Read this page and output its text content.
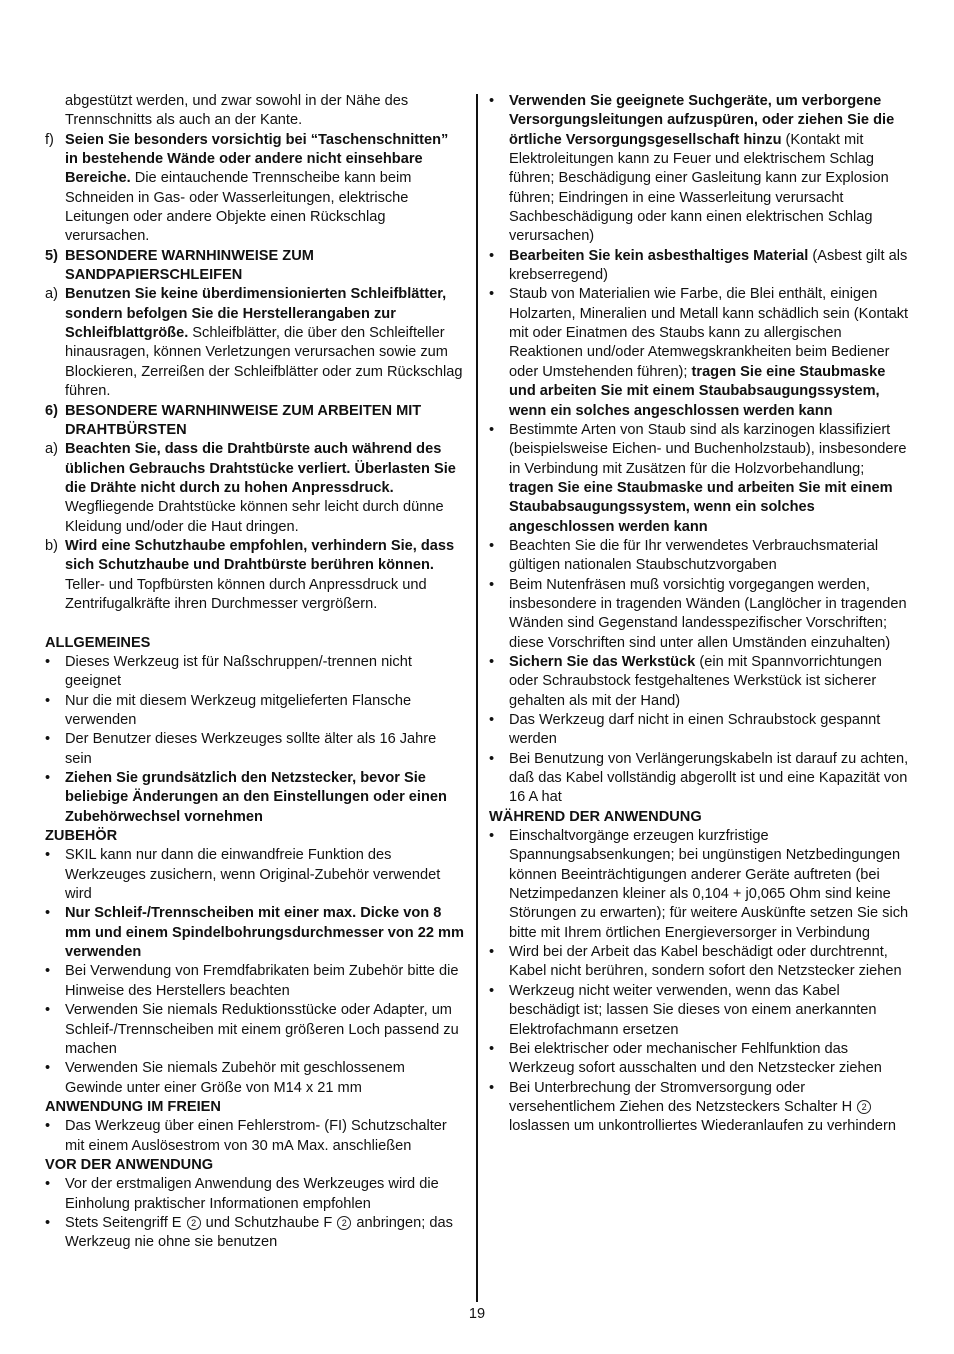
abgestützt werden, und zwar sowohl in der Nähe des Trennschnitts als auch an der Kante.

f) Seien Sie besonders vorsichtig bei “Taschenschnitten” in bestehende Wände oder andere nicht einsehbare Bereiche. Die eintauchende Trennscheibe kann beim Schneiden in Gas- oder Wasserleitungen, elektrische Leitungen oder andere Objekte einen Rückschlag verursachen.

5) BESONDERE WARNHINWEISE ZUM SANDPAPIERSCHLEIFEN

a) Benutzen Sie keine überdimensionierten Schleifblätter, sondern befolgen Sie die Herstellerangaben zur Schleifblattgröße. Schleifblätter, die über den Schleifteller hinausragen, können Verletzungen verursachen sowie zum Blockieren, Zerreißen der Schleifblätter oder zum Rückschlag führen.

6) BESONDERE WARNHINWEISE ZUM ARBEITEN MIT DRAHTBÜRSTEN

a) Beachten Sie, dass die Drahtbürste auch während des üblichen Gebrauchs Drahtstücke verliert. Überlasten Sie die Drähte nicht durch zu hohen Anpressdruck. Wegfliegende Drahtstücke können sehr leicht durch dünne Kleidung und/oder die Haut dringen.

b) Wird eine Schutzhaube empfohlen, verhindern Sie, dass sich Schutzhaube und Drahtbürste berühren können. Teller- und Topfbürsten können durch Anpressdruck und Zentrifugalkräfte ihren Durchmesser vergrößern.

ALLGEMEINES

• Dieses Werkzeug ist für Naßschruppen/-trennen nicht geeignet

• Nur die mit diesem Werkzeug mitgelieferten Flansche verwenden

• Der Benutzer dieses Werkzeuges sollte älter als 16 Jahre sein

• Ziehen Sie grundsätzlich den Netzstecker, bevor Sie beliebige Änderungen an den Einstellungen oder einen Zubehörwechsel vornehmen

ZUBEHÖR

• SKIL kann nur dann die einwandfreie Funktion des Werkzeuges zusichern, wenn Original-Zubehör verwendet wird

• Nur Schleif-/Trennscheiben mit einer max. Dicke von 8 mm und einem Spindelbohrungsdurchmesser von 22 mm verwenden

• Bei Verwendung von Fremdfabrikaten beim Zubehör bitte die Hinweise des Herstellers beachten

• Verwenden Sie niemals Reduktionsstücke oder Adapter, um Schleif-/Trennscheiben mit einem größeren Loch passend zu machen

• Verwenden Sie niemals Zubehör mit geschlossenem Gewinde unter einer Größe von M14 x 21 mm

ANWENDUNG IM FREIEN

• Das Werkzeug über einen Fehlerstrom- (FI) Schutzschalter mit einem Auslösestrom von 30 mA Max. anschließen

VOR DER ANWENDUNG

• Vor der erstmaligen Anwendung des Werkzeuges wird die Einholung praktischer Informationen empfohlen

• Stets Seitengriff E 2 und Schutzhaube F 2 anbringen; das Werkzeug nie ohne sie benutzen

• Verwenden Sie geeignete Suchgeräte, um verborgene Versorgungsleitungen aufzuspüren, oder ziehen Sie die örtliche Versorgungsgesellschaft hinzu (Kontakt mit Elektroleitungen kann zu Feuer und elektrischem Schlag führen; Beschädigung einer Gasleitung kann zur Explosion führen; Eindringen in eine Wasserleitung verursacht Sachbeschädigung oder kann einen elektrischen Schlag verursachen)

• Bearbeiten Sie kein asbesthaltiges Material (Asbest gilt als krebserregend)

• Staub von Materialien wie Farbe, die Blei enthält, einigen Holzarten, Mineralien und Metall kann schädlich sein (Kontakt mit oder Einatmen des Staubs kann zu allergischen Reaktionen und/oder Atemwegskrankheiten beim Bediener oder Umstehenden führen); tragen Sie eine Staubmaske und arbeiten Sie mit einem Staubabsaugungssystem, wenn ein solches angeschlossen werden kann

• Bestimmte Arten von Staub sind als karzinogen klassifiziert (beispielsweise Eichen- und Buchenholzstaub), insbesondere in Verbindung mit Zusätzen für die Holzvorbehandlung; tragen Sie eine Staubmaske und arbeiten Sie mit einem Staubabsaugungssystem, wenn ein solches angeschlossen werden kann

• Beachten Sie die für Ihr verwendetes Verbrauchsmaterial gültigen nationalen Staubschutzvorgaben

• Beim Nutenfräsen muß vorsichtig vorgegangen werden, insbesondere in tragenden Wänden (Langlöcher in tragenden Wänden sind Gegenstand landesspezifischer Vorschriften; diese Vorschriften sind unter allen Umständen einzuhalten)

• Sichern Sie das Werkstück (ein mit Spannvorrichtungen oder Schraubstock festgehaltenes Werkstück ist sicherer gehalten als mit der Hand)

• Das Werkzeug darf nicht in einen Schraubstock gespannt werden

• Bei Benutzung von Verlängerungskabeln ist darauf zu achten, daß das Kabel vollständig abgerollt ist und eine Kapazität von 16 A hat

WÄHREND DER ANWENDUNG

• Einschaltvorgänge erzeugen kurzfristige Spannungsabsenkungen; bei ungünstigen Netzbedingungen können Beeinträchtigungen anderer Geräte auftreten (bei Netzimpedanzen kleiner als 0,104 + j0,065 Ohm sind keine Störungen zu erwarten); für weitere Auskünfte setzen Sie sich bitte mit Ihrem örtlichen Energieversorger in Verbindung

• Wird bei der Arbeit das Kabel beschädigt oder durchtrennt, Kabel nicht berühren, sondern sofort den Netzstecker ziehen

• Werkzeug nicht weiter verwenden, wenn das Kabel beschädigt ist; lassen Sie dieses von einem anerkannten Elektrofachmann ersetzen

• Bei elektrischer oder mechanischer Fehlfunktion das Werkzeug sofort ausschalten und den Netzstecker ziehen

• Bei Unterbrechung der Stromversorgung oder versehentlichem Ziehen des Netzsteckers Schalter H 2 loslassen um unkontrolliertes Wiederanlaufen zu verhindern

19
